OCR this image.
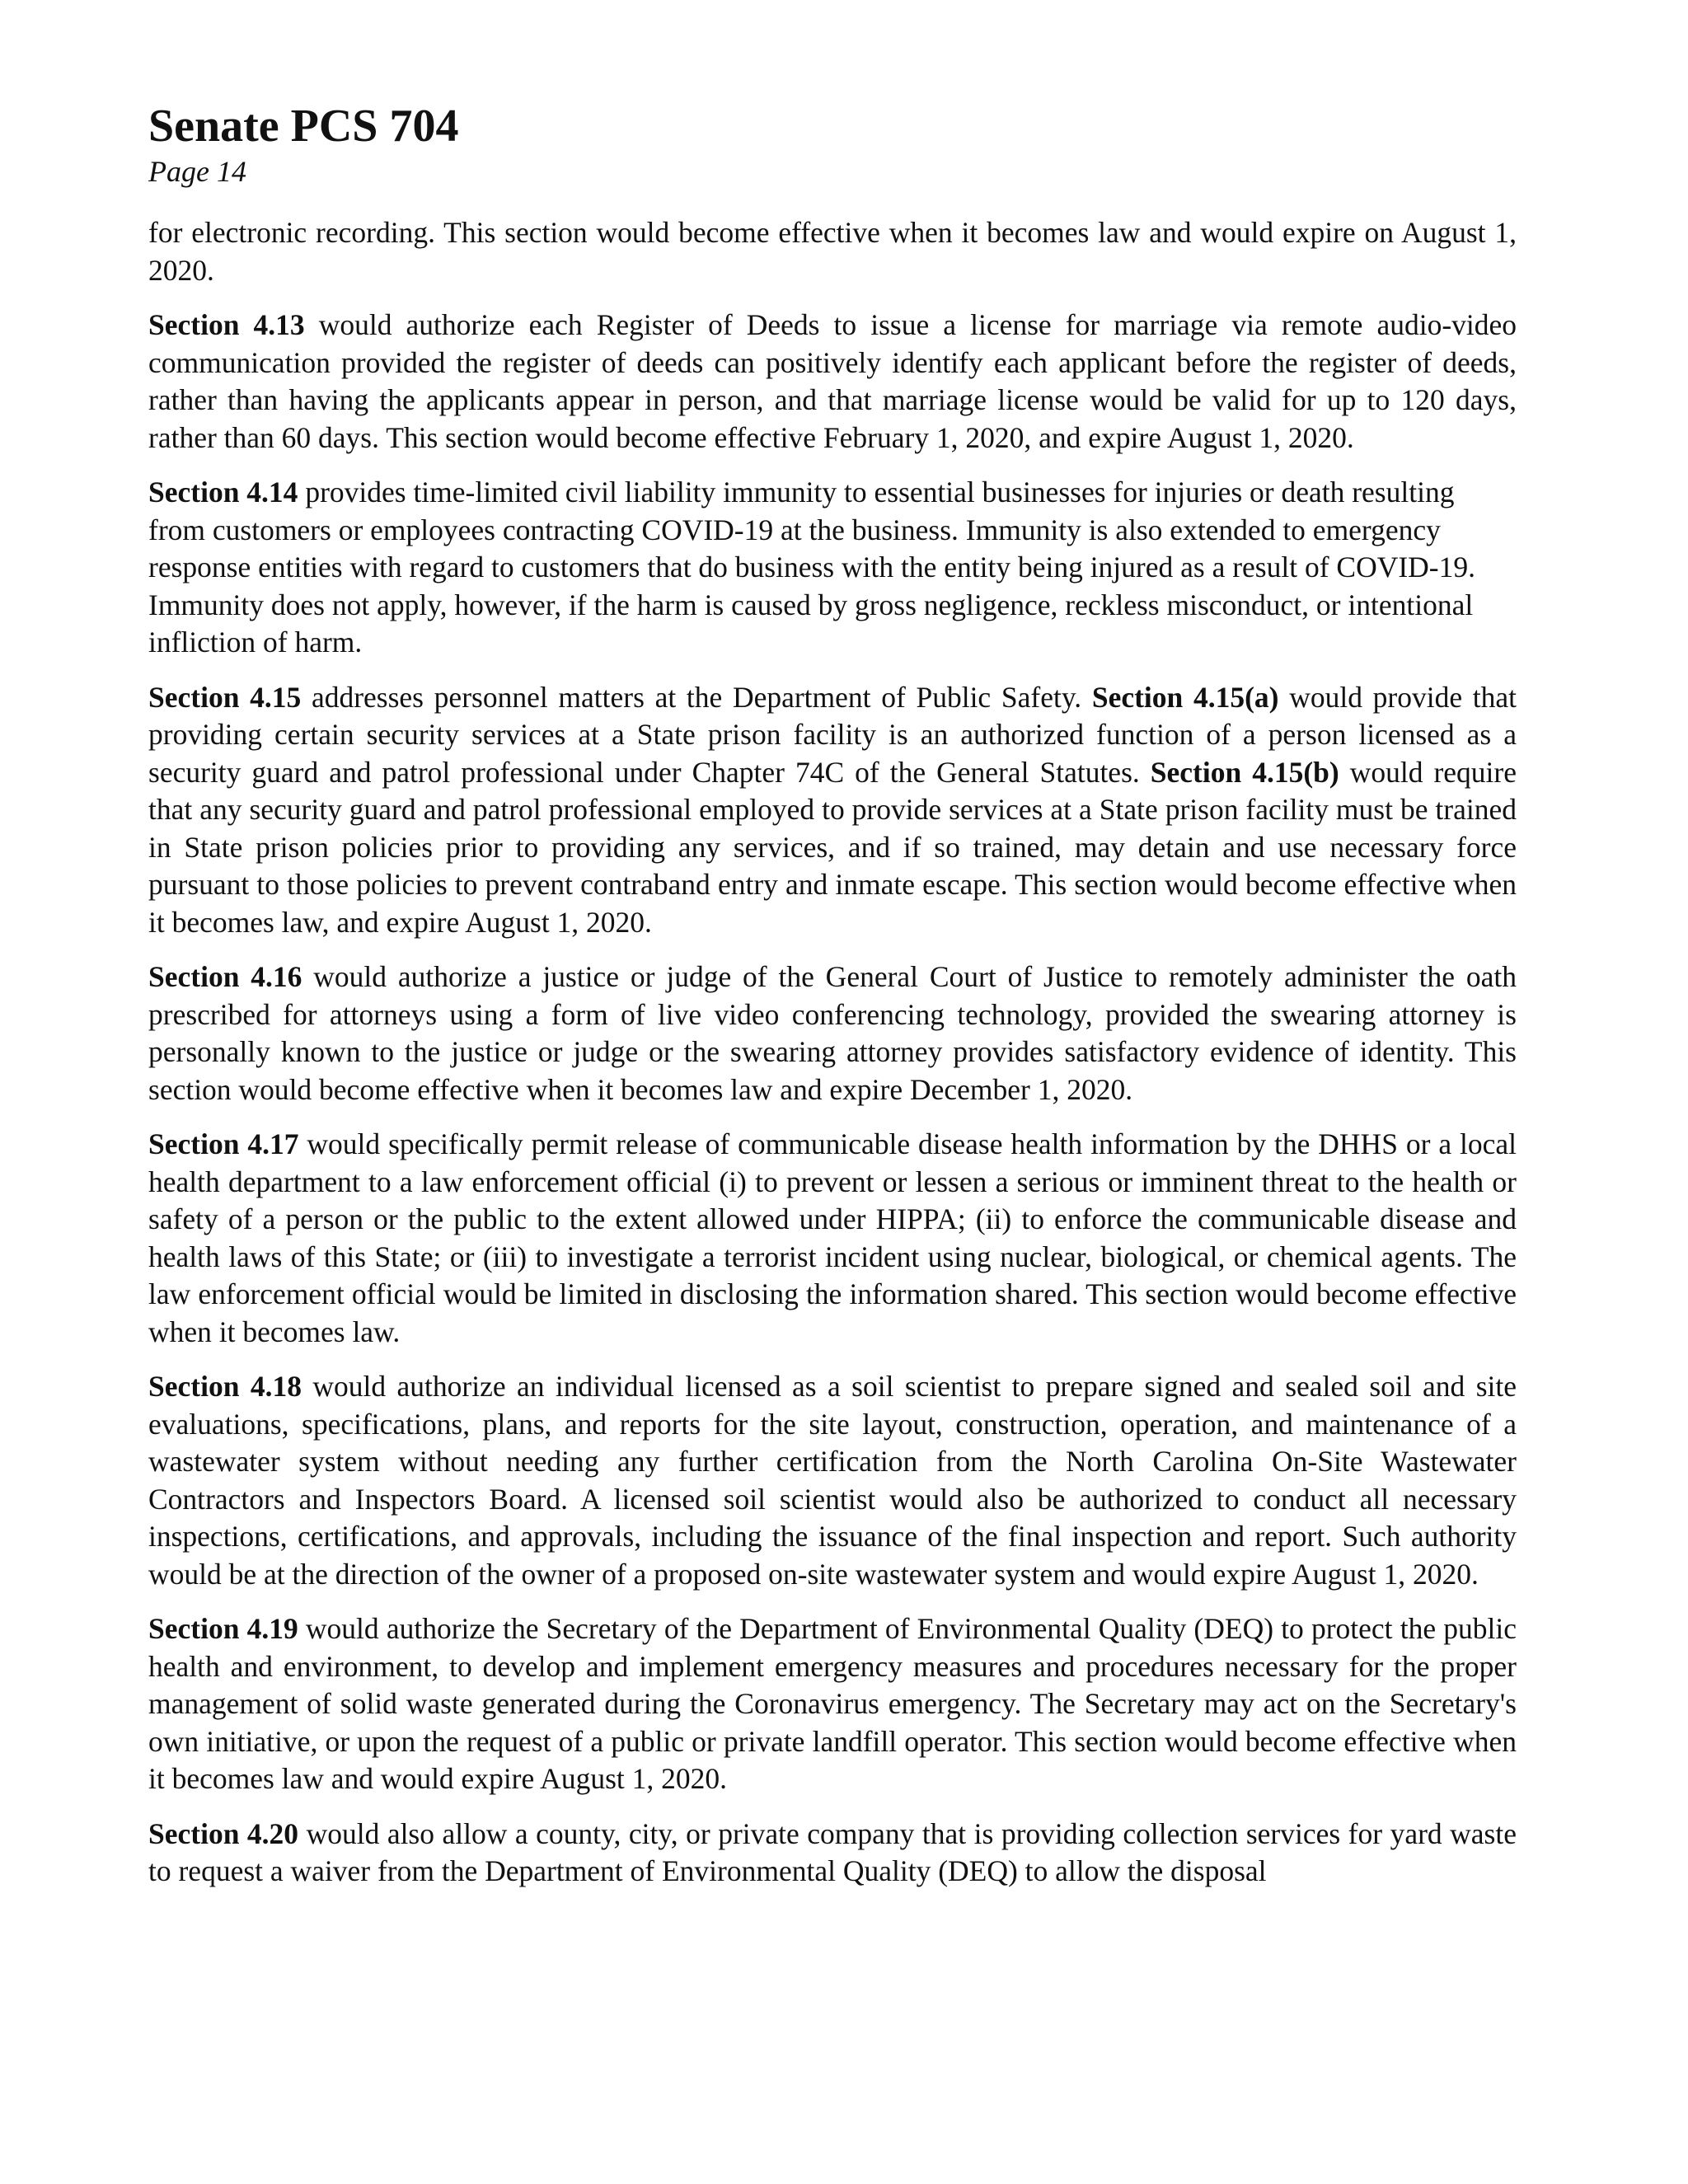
Senate PCS 704
Page 14

for electronic recording. This section would become effective when it becomes law and would expire on August 1, 2020.

Section 4.13 would authorize each Register of Deeds to issue a license for marriage via remote audio-video communication provided the register of deeds can positively identify each applicant before the register of deeds, rather than having the applicants appear in person, and that marriage license would be valid for up to 120 days, rather than 60 days. This section would become effective February 1, 2020, and expire August 1, 2020.

Section 4.14 provides time-limited civil liability immunity to essential businesses for injuries or death resulting from customers or employees contracting COVID-19 at the business. Immunity is also extended to emergency response entities with regard to customers that do business with the entity being injured as a result of COVID-19. Immunity does not apply, however, if the harm is caused by gross negligence, reckless misconduct, or intentional infliction of harm.

Section 4.15 addresses personnel matters at the Department of Public Safety. Section 4.15(a) would provide that providing certain security services at a State prison facility is an authorized function of a person licensed as a security guard and patrol professional under Chapter 74C of the General Statutes. Section 4.15(b) would require that any security guard and patrol professional employed to provide services at a State prison facility must be trained in State prison policies prior to providing any services, and if so trained, may detain and use necessary force pursuant to those policies to prevent contraband entry and inmate escape. This section would become effective when it becomes law, and expire August 1, 2020.

Section 4.16 would authorize a justice or judge of the General Court of Justice to remotely administer the oath prescribed for attorneys using a form of live video conferencing technology, provided the swearing attorney is personally known to the justice or judge or the swearing attorney provides satisfactory evidence of identity. This section would become effective when it becomes law and expire December 1, 2020.

Section 4.17 would specifically permit release of communicable disease health information by the DHHS or a local health department to a law enforcement official (i) to prevent or lessen a serious or imminent threat to the health or safety of a person or the public to the extent allowed under HIPPA; (ii) to enforce the communicable disease and health laws of this State; or (iii) to investigate a terrorist incident using nuclear, biological, or chemical agents. The law enforcement official would be limited in disclosing the information shared. This section would become effective when it becomes law.

Section 4.18 would authorize an individual licensed as a soil scientist to prepare signed and sealed soil and site evaluations, specifications, plans, and reports for the site layout, construction, operation, and maintenance of a wastewater system without needing any further certification from the North Carolina On-Site Wastewater Contractors and Inspectors Board. A licensed soil scientist would also be authorized to conduct all necessary inspections, certifications, and approvals, including the issuance of the final inspection and report. Such authority would be at the direction of the owner of a proposed on-site wastewater system and would expire August 1, 2020.

Section 4.19 would authorize the Secretary of the Department of Environmental Quality (DEQ) to protect the public health and environment, to develop and implement emergency measures and procedures necessary for the proper management of solid waste generated during the Coronavirus emergency. The Secretary may act on the Secretary's own initiative, or upon the request of a public or private landfill operator. This section would become effective when it becomes law and would expire August 1, 2020.

Section 4.20 would also allow a county, city, or private company that is providing collection services for yard waste to request a waiver from the Department of Environmental Quality (DEQ) to allow the disposal
